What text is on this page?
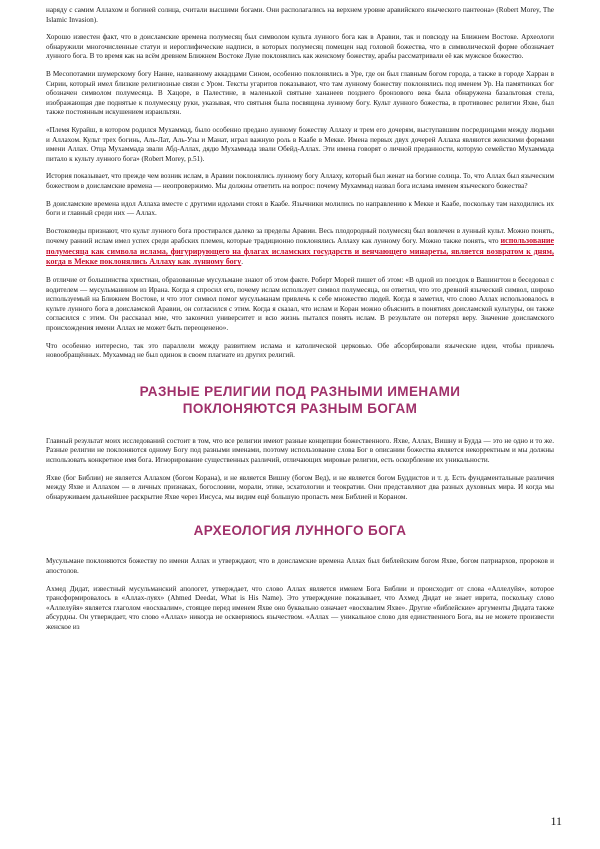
наряду с самим Аллахом и богиней солнца, считали высшими богами. Они располагались на верхнем уровне аравийского языческого пантеона» (Robert Morey, The Islamic Invasion).

Хорошо известен факт, что в доисламские времена полумесяц был символом культа лунного бога как в Аравии, так и повсюду на Ближнем Востоке. Археологи обнаружили многочисленные статуи и иероглифические надписи, в которых полумесяц помещен над головой божества, что в символической форме обозначает лунного бога. В то время как на всём древнем Ближнем Востоке Луне поклонялись как женскому божеству, арабы рассматривали её как мужское божество.

В Месопотамии шумерскому богу Нанне, названному аккадцами Сином, особенно поклонялись в Уре, где он был главным богом города, а также в городе Харран в Сирии, который имел близкие религиозные связи с Уром. Тексты угаритов показывают, что там лунному божеству поклонялись под именем Ур. На памятниках бог обозначен символом полумесяца. В Хацоре, в Палестине, в маленькой святыне хананеев позднего бронзового века была обнаружена базальтовая стела, изображающая две поднятые к полумесяцу руки, указывая, что святыня была посвящена лунному богу. Культ лунного божества, в противовес религии Яхве, был также постоянным искушением израильтян.

«Племя Курайш, в котором родился Мухаммад, было особенно предано лунному божеству Аллаху и трем его дочерям, выступавшим посредницами между людьми и Аллахом. Культ трех богинь, Аль-Лат, Аль-Узы и Манат, играл важную роль в Каабе в Мекке. Имена первых двух дочерей Аллаха являются женскими формами имени Аллах. Отца Мухаммада звали Абд-Аллах, дядю Мухаммада звали Обейд-Аллах. Эти имена говорят о личной преданности, которую семейство Мухаммада питало к культу лунного бога» (Robert Morey, p.51).

История показывает, что прежде чем возник ислам, в Аравии поклонялись лунному богу Аллаху, который был женат на богине солнца. То, что Аллах был языческим божеством в доисламские времена — неопровержимо. Мы должны ответить на вопрос: почему Мухаммад назвал бога ислама именем языческого божества?

В доисламские времена идол Аллаха вместе с другими идолами стоял в Каабе. Язычники молились по направлению к Мекке и Каабе, поскольку там находились их боги и главный среди них — Аллах.

Востоковеды признают, что культ лунного бога простирался далеко за пределы Аравии. Весь плодородный полумесяц был вовлечен в лунный культ. Можно понять, почему ранний ислам имел успех среди арабских племен, которые традиционно поклонялись Аллаху как лунному богу. Можно также понять, что использование полумесяца как символа ислама, фигурирующего на флагах исламских государств и венчающего минареты, является возвратом к дням, когда в Мекке поклонялись Аллаху как лунному богу.

В отличие от большинства христиан, образованные мусульмане знают об этом факте. Роберт Морей пишет об этом: «В одной из поездок в Вашингтон в беседовал с водителем — мусульманином из Ирана. Когда я спросил его, почему ислам использует символ полумесяца, он ответил, что это древний языческий символ, широко используемый на Ближнем Востоке, и что этот символ помог мусульманам привлечь к себе множество людей. Когда я заметил, что слово Аллах использовалось в культе лунного бога в доисламской Аравии, он согласился с этим. Когда я сказал, что ислам и Коран можно объяснить в понятиях доисламской культуры, он также согласился с этим. Он рассказал мне, что закончил университет и всю жизнь пытался понять ислам. В результате он потерял веру. Значение доисламского происхождения имени Аллах не может быть переоценено».

Что особенно интересно, так это параллели между развитием ислама и католической церковью. Обе абсорбировали языческие идеи, чтобы привлечь новообращённых. Мухаммад не был одинок в своем плагиате из других религий.

РАЗНЫЕ РЕЛИГИИ ПОД РАЗНЫМИ ИМЕНАМИ ПОКЛОНЯЮТСЯ РАЗНЫМ БОГАМ

Главный результат моих исследований состоит в том, что все религии имеют разные концепции божественного. Яхве, Аллах, Вишну и Будда — это не одно и то же. Разные религии не поклоняются одному Богу под разными именами, поэтому использование слова Бог в описании божества является некорректным и мы должны использовать конкретное имя бога. Игнорирование существенных различий, отличающих мировые религии, есть оскорбление их уникальности.

Яхве (бог Библии) не является Аллахом (богом Корана), и не является Вишну (богом Вед), и не является богом Буддистов и т. д. Есть фундаментальные различия между Яхве и Аллахом — в личных признаках, богословии, морали, этике, эсхатологии и теократии. Они представляют два разных духовных мира. И когда мы обнаруживаем дальнейшее раскрытие Яхве через Иисуса, мы видим ещё большую пропасть меж Библией и Кораном.

АРХЕОЛОГИЯ ЛУННОГО БОГА

Мусульмане поклоняются божеству по имени Аллах и утверждают, что в доисламские времена Аллах был библейским богом Яхве, богом патриархов, пророков и апостолов.

Ахмед Дидат, известный мусульманский апологет, утверждает, что слово Аллах является именем Бога Библии и происходит от слова «Аллелуйя», которое трансформировалось в «Аллах-луях» (Ahmed Deedat, What is His Name). Это утверждение показывает, что Ахмед Дидат не знает иврита, поскольку слово «Аллелуйя» является глаголом «восхвалим», стоящее перед именем Яхве оно буквально означает «восхвалим Яхве». Другие «библейские» аргументы Дидата также абсурдны. Он утверждает, что слово «Аллах» никогда не оскверняюсь язычеством. «Аллах — уникальное слово для единственного Бога, вы не можете произвести женское из

11
